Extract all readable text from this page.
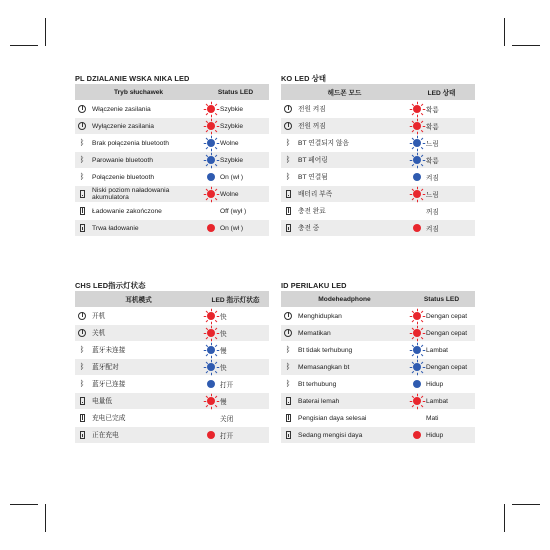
PL DZIALANIE WSKA NIKA LED
Tryb słuchawek	Status LED
Włączenie zasilania	Szybkie
Wyłączenie zasilania	Szybkie
ᛒ	Brak połączenia bluetooth	Wolne
ᛒ	Parowanie bluetooth	Szybkie
ᛒ	Połączenie bluetooth	On (wł )
Niski poziom naładowania
akumulatora	Wolne
Ładowanie zakończone	Off (wył )
Trwa ładowanie	On (wł )
KO LED 상태
헤드폰 모드	LED 상태
전원 켜짐	확름
전원 꺼짐	확름
ᛒ	BT 연결되지 않음	느림
ᛒ	BT 페어링	확름
ᛒ	BT 연결됨	켜짐
배터리 부족	느림
충전 완료	꺼짐
충전 중	켜짐
CHS LED指示灯状态
耳机模式	LED 指示灯状态
开机	快
关机	快
ᛒ	蓝牙未连接	慢
ᛒ	蓝牙配对	快
ᛒ	蓝牙已连接	打开
电量低	慢
充电已完成	关闭
正在充电	打开
ID PERILAKU LED
Modeheadphone	Status LED
Menghidupkan	Dengan cepat
Mematikan	Dengan cepat
ᛒ	Bt tidak terhubung	Lambat
ᛒ	Memasangkan bt	Dengan cepat
ᛒ	Bt terhubung	Hidup
Baterai lemah	Lambat
Pengisian daya selesai	Mati
Sedang mengisi daya	Hidup
